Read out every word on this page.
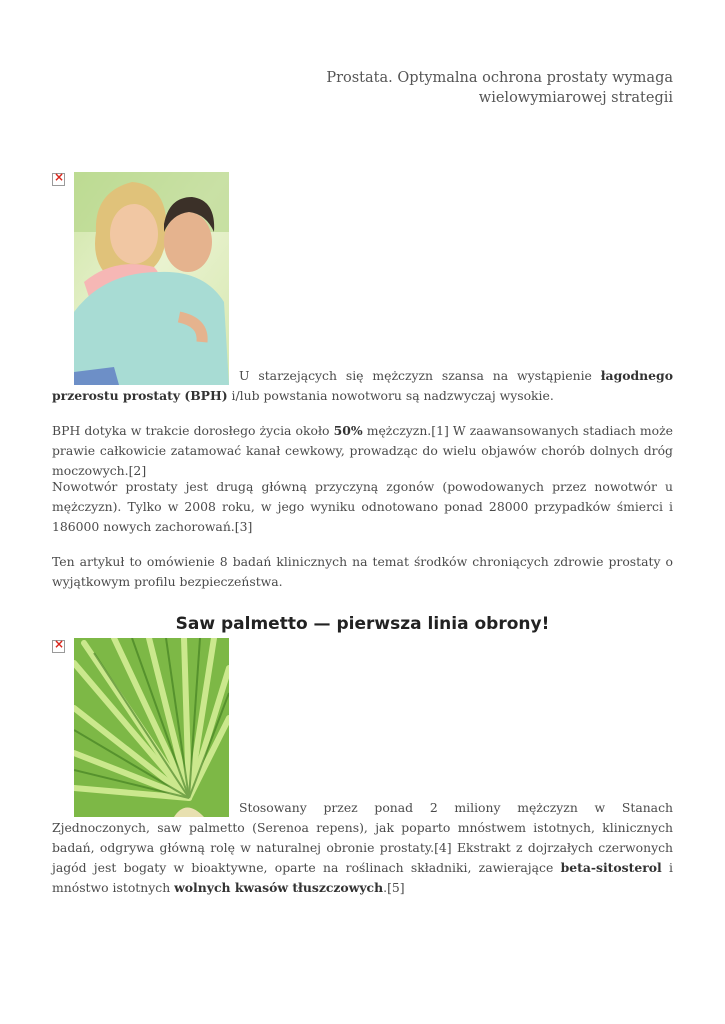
Prostata. Optymalna ochrona prostaty wymaga wielowymiarowej strategii
×
U starzejących się mężczyzn szansa na wystąpienie łagodnego przerostu prostaty (BPH) i/lub powstania nowotworu są nadzwyczaj wysokie.
BPH dotyka w trakcie dorosłego życia około 50% mężczyzn.[1] W zaawansowanych stadiach może prawie całkowicie zatamować kanał cewkowy, prowadząc do wielu objawów chorób dolnych dróg moczowych.[2]
Nowotwór prostaty jest drugą główną przyczyną zgonów (powodowanych przez nowotwór u mężczyzn). Tylko w 2008 roku, w jego wyniku odnotowano ponad 28000 przypadków śmierci i 186000 nowych zachorowań.[3]
Ten artykuł to omówienie 8 badań klinicznych na temat środków chroniących zdrowie prostaty o wyjątkowym profilu bezpieczeństwa.
Saw palmetto — pierwsza linia obrony!
×
Stosowany przez ponad 2 miliony mężczyzn w Stanach Zjednoczonych, saw palmetto (Serenoa repens), jak poparto mnóstwem istotnych, klinicznych badań, odgrywa główną rolę w naturalnej obronie prostaty.[4] Ekstrakt z dojrzałych czerwonych jagód jest bogaty w bioaktywne, oparte na roślinach składniki, zawierające beta-sitosterol i mnóstwo istotnych wolnych kwasów tłuszczowych.[5]
